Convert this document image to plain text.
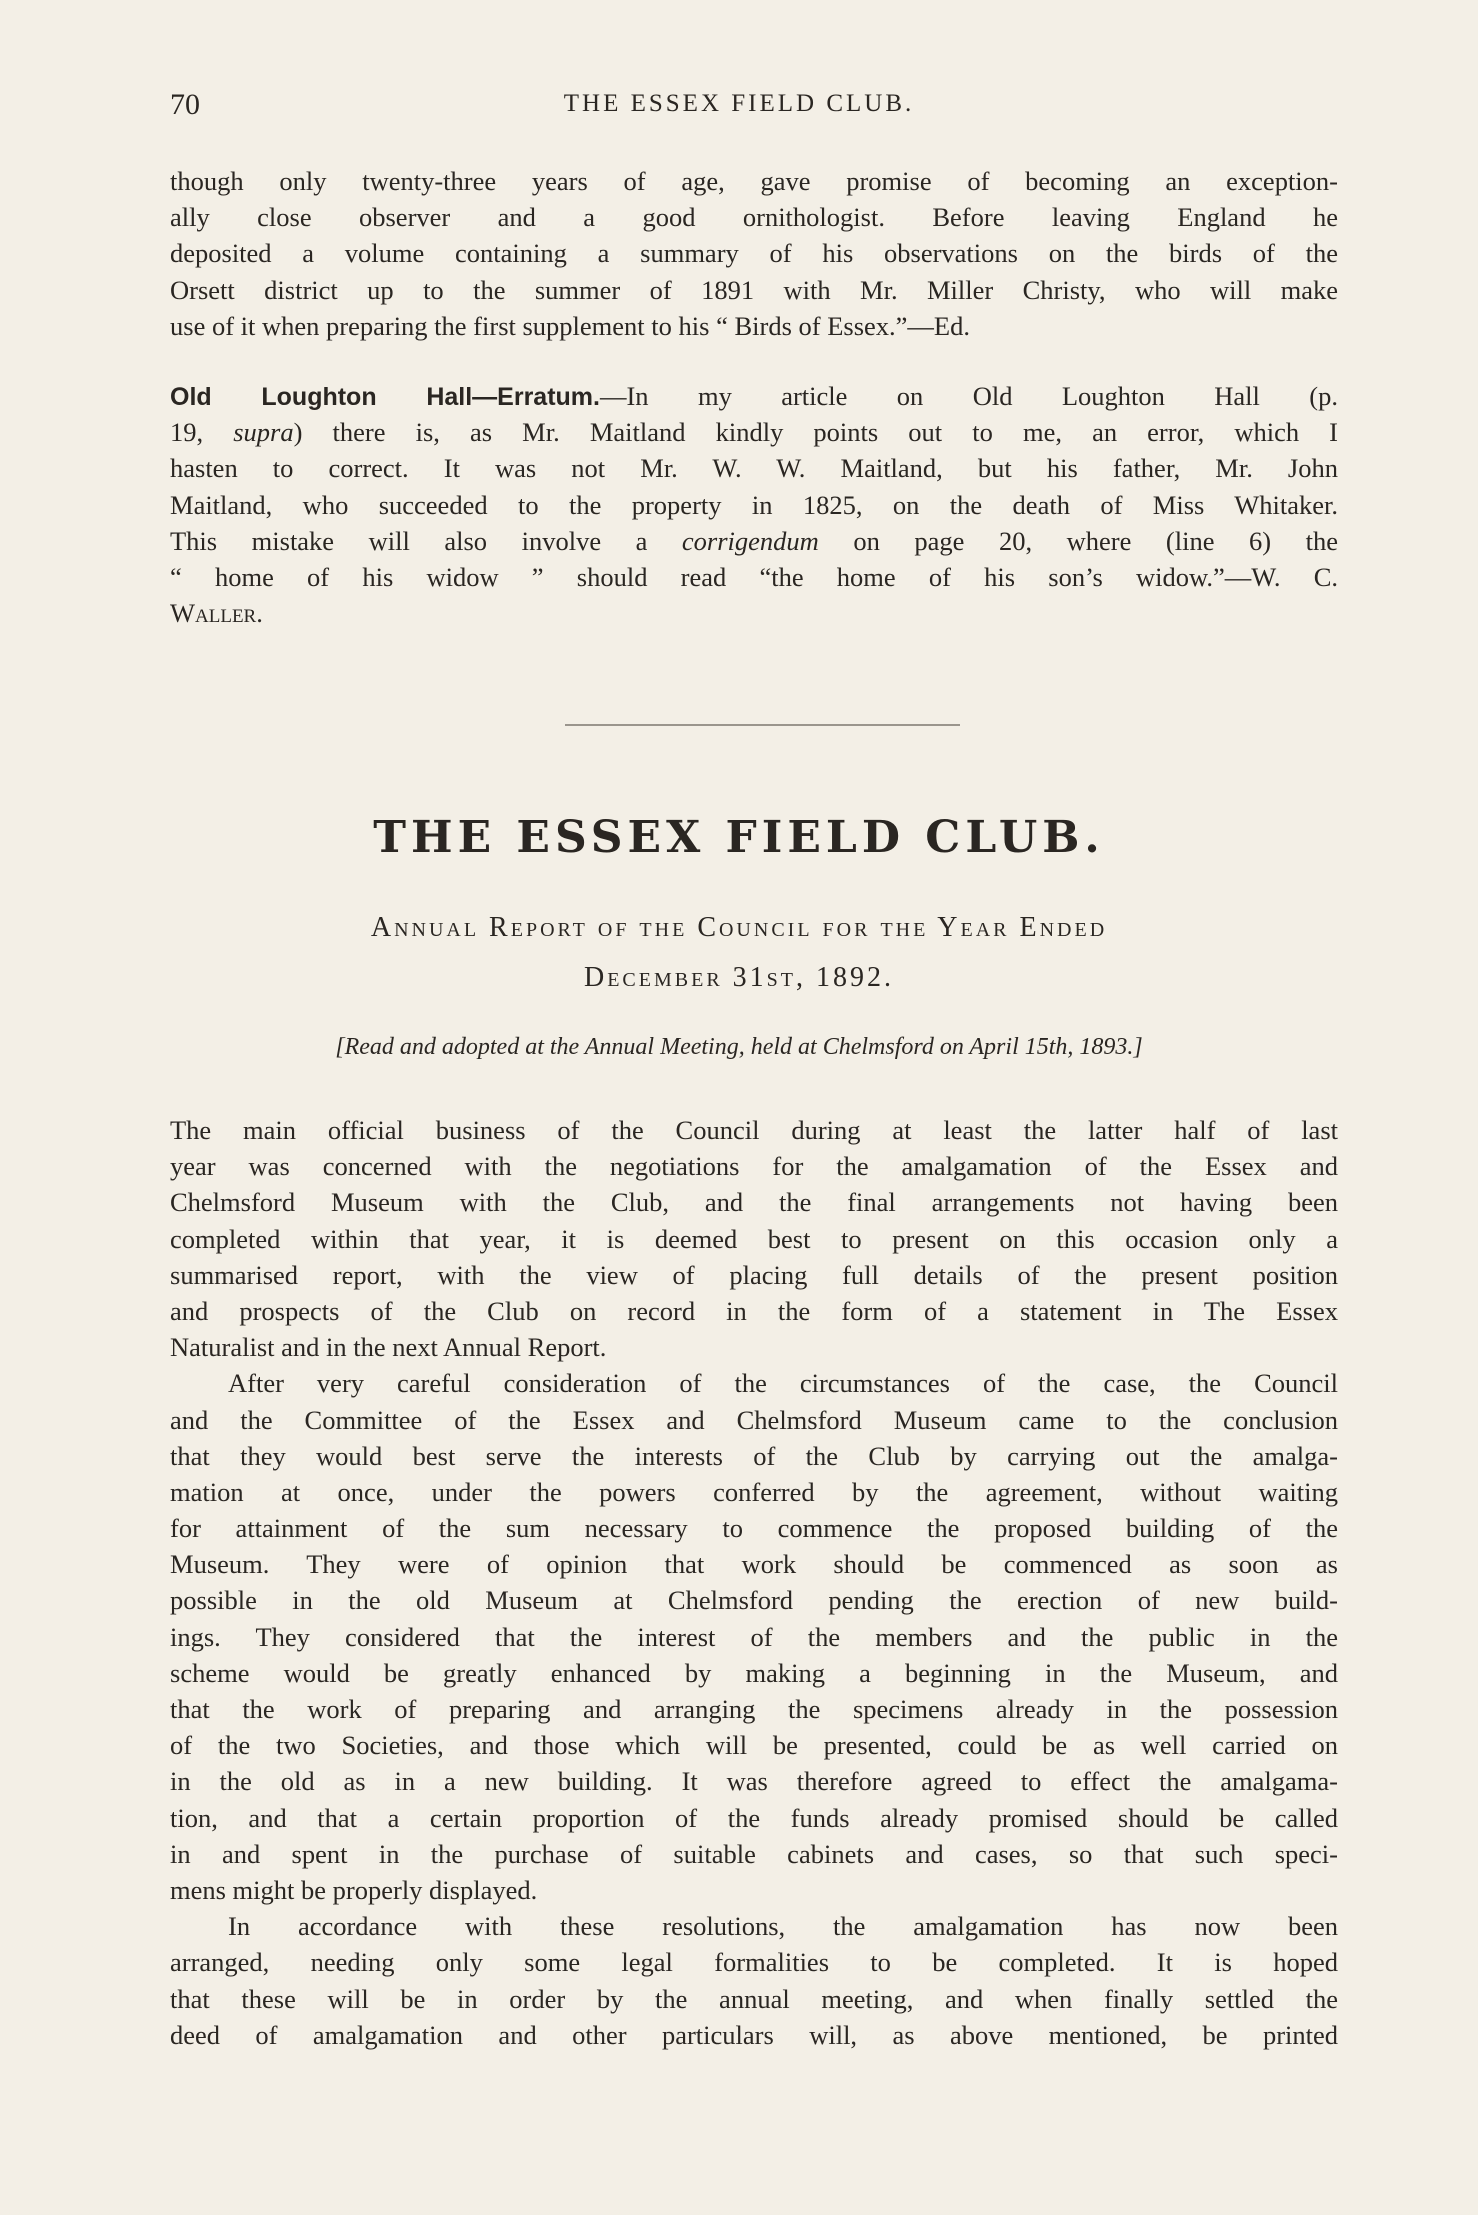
70	THE ESSEX FIELD CLUB.
though only twenty-three years of age, gave promise of becoming an exception-
ally close observer and a good ornithologist. Before leaving England he
deposited a volume containing a summary of his observations on the birds of the
Orsett district up to the summer of 1891 with Mr. Miller Christy, who will make
use of it when preparing the first supplement to his “ Birds of Essex.”—Ed.
Old Loughton Hall—Erratum.—In my article on Old Loughton Hall (p.
19, supra) there is, as Mr. Maitland kindly points out to me, an error, which I
hasten to correct. It was not Mr. W. W. Maitland, but his father, Mr. John
Maitland, who succeeded to the property in 1825, on the death of Miss Whitaker.
This mistake will also involve a corrigendum on page 20, where (line 6) the
“ home of his widow ” should read “the home of his son’s widow.”—W. C.
Waller.
THE ESSEX FIELD CLUB.
Annual Report of the Council for the Year Ended
December 31st, 1892.
[Read and adopted at the Annual Meeting, held at Chelmsford on April 15th, 1893.]
The main official business of the Council during at least the latter half of last
year was concerned with the negotiations for the amalgamation of the Essex and
Chelmsford Museum with the Club, and the final arrangements not having been
completed within that year, it is deemed best to present on this occasion only a
summarised report, with the view of placing full details of the present position
and prospects of the Club on record in the form of a statement in The Essex
Naturalist and in the next Annual Report.
After very careful consideration of the circumstances of the case, the Council
and the Committee of the Essex and Chelmsford Museum came to the conclusion
that they would best serve the interests of the Club by carrying out the amalga-
mation at once, under the powers conferred by the agreement, without waiting
for attainment of the sum necessary to commence the proposed building of the
Museum. They were of opinion that work should be commenced as soon as
possible in the old Museum at Chelmsford pending the erection of new build-
ings. They considered that the interest of the members and the public in the
scheme would be greatly enhanced by making a beginning in the Museum, and
that the work of preparing and arranging the specimens already in the possession
of the two Societies, and those which will be presented, could be as well carried on
in the old as in a new building. It was therefore agreed to effect the amalgama-
tion, and that a certain proportion of the funds already promised should be called
in and spent in the purchase of suitable cabinets and cases, so that such speci-
mens might be properly displayed.
In accordance with these resolutions, the amalgamation has now been
arranged, needing only some legal formalities to be completed. It is hoped
that these will be in order by the annual meeting, and when finally settled the
deed of amalgamation and other particulars will, as above mentioned, be printed
